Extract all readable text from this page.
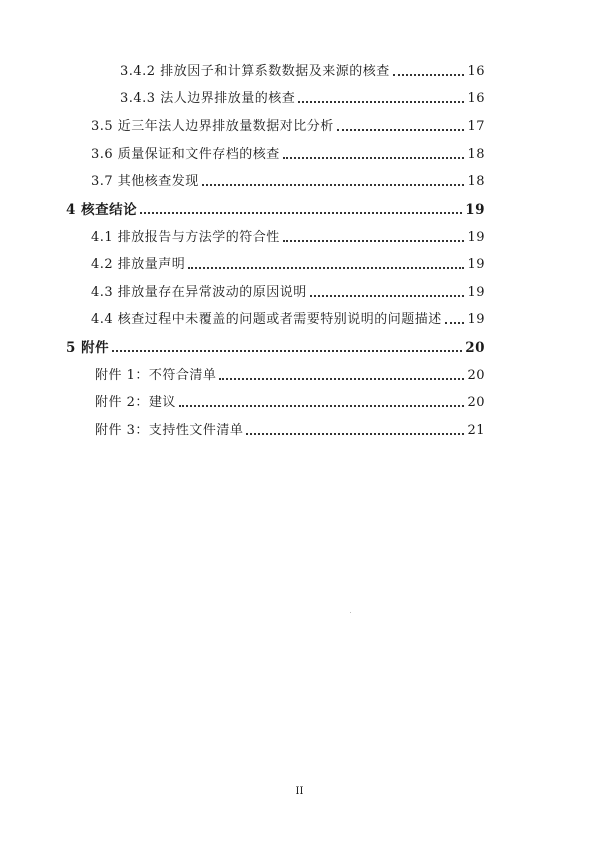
3.4.2 排放因子和计算系数数据及来源的核查	16
3.4.3 法人边界排放量的核查	16
3.5 近三年法人边界排放量数据对比分析	17
3.6 质量保证和文件存档的核查	18
3.7 其他核查发现	18
4 核查结论	19
4.1 排放报告与方法学的符合性	19
4.2 排放量声明	19
4.3 排放量存在异常波动的原因说明	19
4.4 核查过程中未覆盖的问题或者需要特别说明的问题描述 19
5 附件	20
附件 1：不符合清单	20
附件 2：建议	20
附件 3：支持性文件清单	21
II
